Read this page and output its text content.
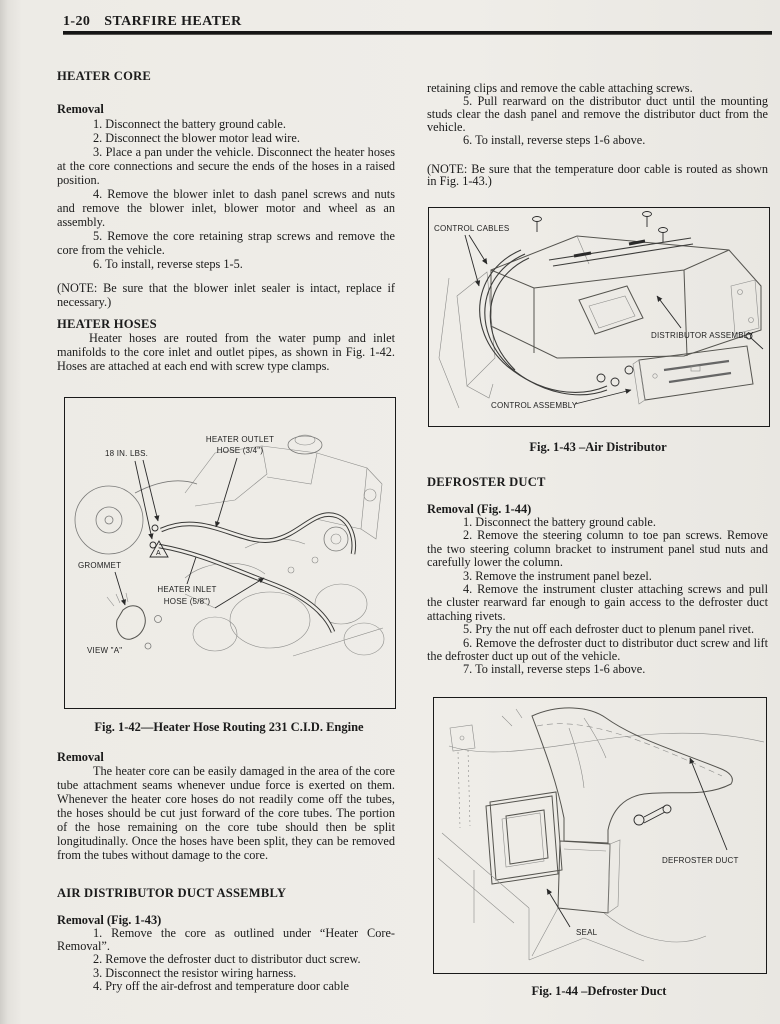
1-20 STARFIRE HEATER
HEATER CORE
Removal

1. Disconnect the battery ground cable.

2. Disconnect the blower motor lead wire.

3. Place a pan under the vehicle. Disconnect the heater hoses at the core connections and secure the ends of the hoses in a raised position.

4. Remove the blower inlet to dash panel screws and nuts and remove the blower inlet, blower motor and wheel as an assembly.

5. Remove the core retaining strap screws and remove the core from the vehicle.

6. To install, reverse steps 1-5.

(NOTE: Be sure that the blower inlet sealer is intact, replace if necessary.)

HEATER HOSES

Heater hoses are routed from the water pump and inlet manifolds to the core inlet and outlet pipes, as shown in Fig. 1-42. Hoses are attached at each end with screw type clamps.

A
18 IN. LBS.
HEATER OUTLET
HOSE (3/4")
GROMMET
HEATER INLET
HOSE (5/8")
VIEW "A"
Fig. 1-42—Heater Hose Routing 231 C.I.D. Engine
Removal

The heater core can be easily damaged in the area of the core tube attachment seams whenever undue force is exerted on them. Whenever the heater core hoses do not readily come off the tubes, the hoses should be cut just forward of the core tubes. The portion of the hose remaining on the core tube should then be split longitudinally. Once the hoses have been split, they can be removed from the tubes without damage to the core.

AIR DISTRIBUTOR DUCT ASSEMBLY
Removal (Fig. 1-43)

1. Remove the core as outlined under “Heater Core-Removal”.

2. Remove the defroster duct to distributor duct screw.

3. Disconnect the resistor wiring harness.

4. Pry off the air-defrost and temperature door cable

retaining clips and remove the cable attaching screws.

5. Pull rearward on the distributor duct until the mounting studs clear the dash panel and remove the distributor duct from the vehicle.

6. To install, reverse steps 1-6 above.

(NOTE: Be sure that the temperature door cable is routed as shown in Fig. 1-43.)

CONTROL CABLES
DISTRIBUTOR ASSEMBLY
CONTROL ASSEMBLY
Fig. 1-43 –Air Distributor
DEFROSTER DUCT
Removal (Fig. 1-44)

1. Disconnect the battery ground cable.

2. Remove the steering column to toe pan screws. Remove the two steering column bracket to instrument panel stud nuts and carefully lower the column.

3. Remove the instrument panel bezel.

4. Remove the instrument cluster attaching screws and pull the cluster rearward far enough to gain access to the defroster duct attaching rivets.

5. Pry the nut off each defroster duct to plenum panel rivet.

6. Remove the defroster duct to distributor duct screw and lift the defroster duct up out of the vehicle.

7. To install, reverse steps 1-6 above.

DEFROSTER DUCT
SEAL
Fig. 1-44 –Defroster Duct
